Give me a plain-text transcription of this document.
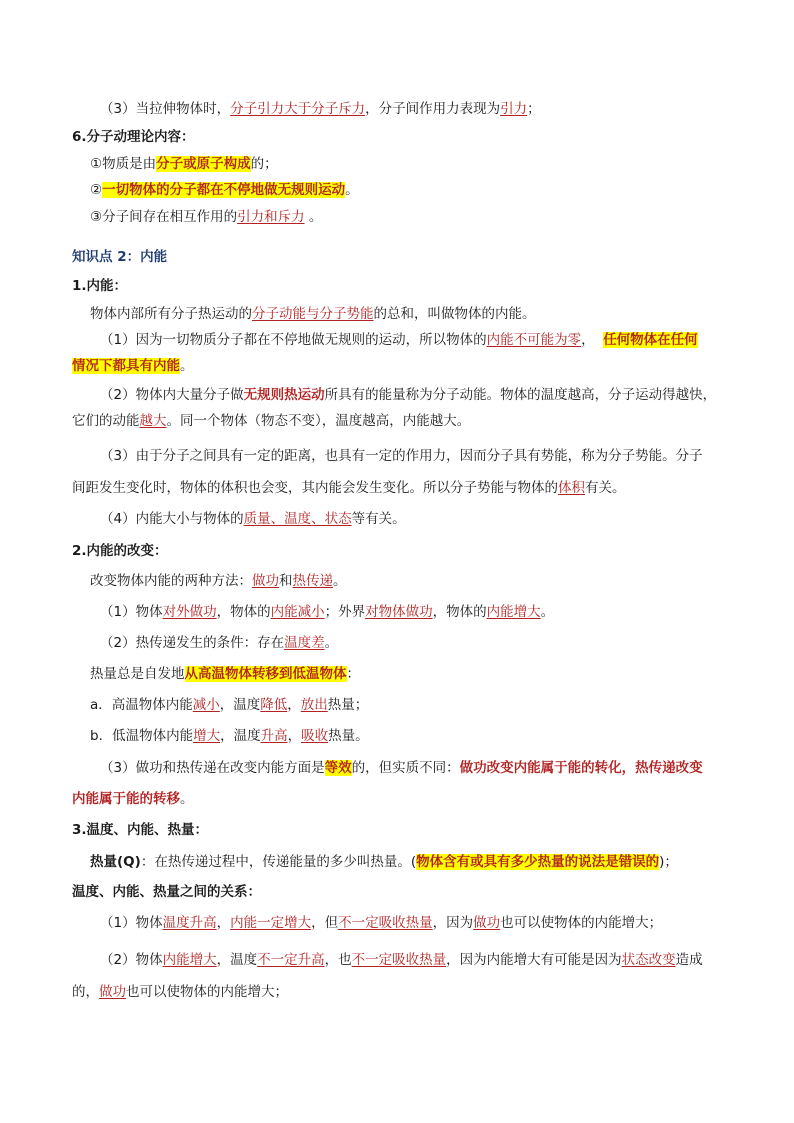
（3）当拉伸物体时，分子引力大于分子斥力，分子间作用力表现为引力；
6.分子动理论内容：
①物质是由分子或原子构成的；
②一切物体的分子都在不停地做无规则运动。
③分子间存在相互作用的引力和斥力 。
知识点 2：内能
1.内能：
物体内部所有分子热运动的分子动能与分子势能的总和，叫做物体的内能。
（1）因为一切物质分子都在不停地做无规则的运动，所以物体的内能不可能为零， 任何物体在任何
情况下都具有内能。
（2）物体内大量分子做无规则热运动所具有的能量称为分子动能。物体的温度越高，分子运动得越快，
它们的动能越大。同一个物体（物态不变），温度越高，内能越大。
（3）由于分子之间具有一定的距离，也具有一定的作用力，因而分子具有势能，称为分子势能。分子
间距发生变化时，物体的体积也会变，其内能会发生变化。所以分子势能与物体的体积有关。
（4）内能大小与物体的质量、温度、状态等有关。
2.内能的改变：
改变物体内能的两种方法：做功和热传递。
（1）物体对外做功，物体的内能减小；外界对物体做功，物体的内能增大。
（2）热传递发生的条件：存在温度差。
热量总是自发地从高温物体转移到低温物体：
a．高温物体内能减小，温度降低，放出热量；
b．低温物体内能增大，温度升高，吸收热量。
（3）做功和热传递在改变内能方面是等效的，但实质不同：做功改变内能属于能的转化，热传递改变
内能属于能的转移。
3.温度、内能、热量：
热量(Q)：在热传递过程中，传递能量的多少叫热量。(物体含有或具有多少热量的说法是错误的)；
温度、内能、热量之间的关系：
（1）物体温度升高，内能一定增大，但不一定吸收热量，因为做功也可以使物体的内能增大；
（2）物体内能增大，温度不一定升高，也不一定吸收热量，因为内能增大有可能是因为状态改变造成
的，做功也可以使物体的内能增大；
